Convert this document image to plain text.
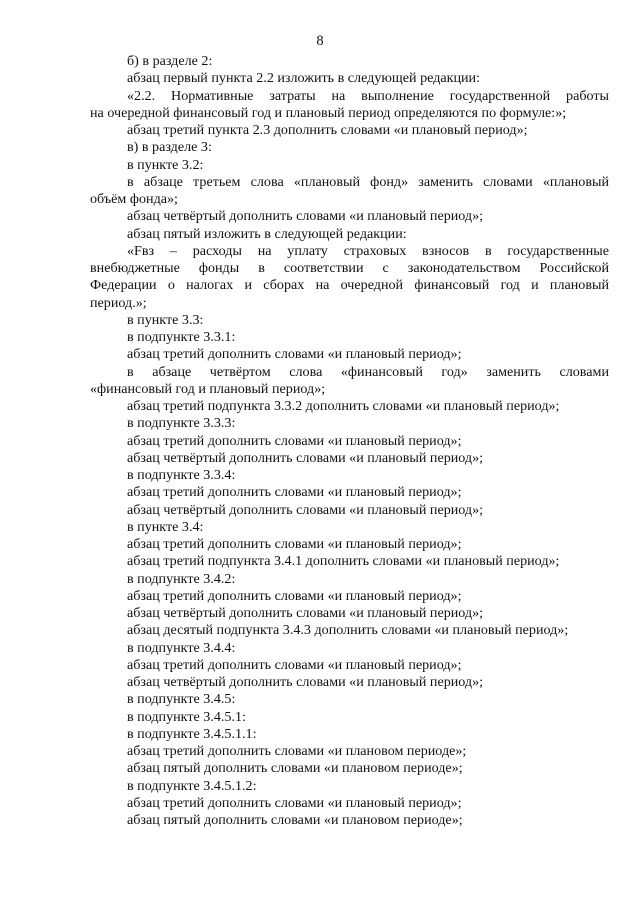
8
б) в разделе 2:
абзац первый пункта 2.2 изложить в следующей редакции:
«2.2. Нормативные затраты на выполнение государственной работы
на очередной финансовый год и плановый период определяются по формуле:»;
абзац третий пункта 2.3 дополнить словами «и плановый период»;
в) в разделе 3:
в пункте 3.2:
в абзаце третьем слова «плановый фонд» заменить словами «плановый
объём фонда»;
абзац четвёртый дополнить словами «и плановый период»;
абзац пятый изложить в следующей редакции:
«Fвз – расходы на уплату страховых взносов в государственные
внебюджетные фонды в соответствии с законодательством Российской
Федерации о налогах и сборах на очередной финансовый год и плановый
период.»;
в пункте 3.3:
в подпункте 3.3.1:
абзац третий дополнить словами «и плановый период»;
в абзаце четвёртом слова «финансовый год» заменить словами
«финансовый год и плановый период»;
абзац третий подпункта 3.3.2 дополнить словами «и плановый период»;
в подпункте 3.3.3:
абзац третий дополнить словами «и плановый период»;
абзац четвёртый дополнить словами «и плановый период»;
в подпункте 3.3.4:
абзац третий дополнить словами «и плановый период»;
абзац четвёртый дополнить словами «и плановый период»;
в пункте 3.4:
абзац третий дополнить словами «и плановый период»;
абзац третий подпункта 3.4.1 дополнить словами «и плановый период»;
в подпункте 3.4.2:
абзац третий дополнить словами «и плановый период»;
абзац четвёртый дополнить словами «и плановый период»;
абзац десятый подпункта 3.4.3 дополнить словами «и плановый период»;
в подпункте 3.4.4:
абзац третий дополнить словами «и плановый период»;
абзац четвёртый дополнить словами «и плановый период»;
в подпункте 3.4.5:
в подпункте 3.4.5.1:
в подпункте 3.4.5.1.1:
абзац третий дополнить словами «и плановом периоде»;
абзац пятый дополнить словами «и плановом периоде»;
в подпункте 3.4.5.1.2:
абзац третий дополнить словами «и плановый период»;
абзац пятый дополнить словами «и плановом периоде»;
